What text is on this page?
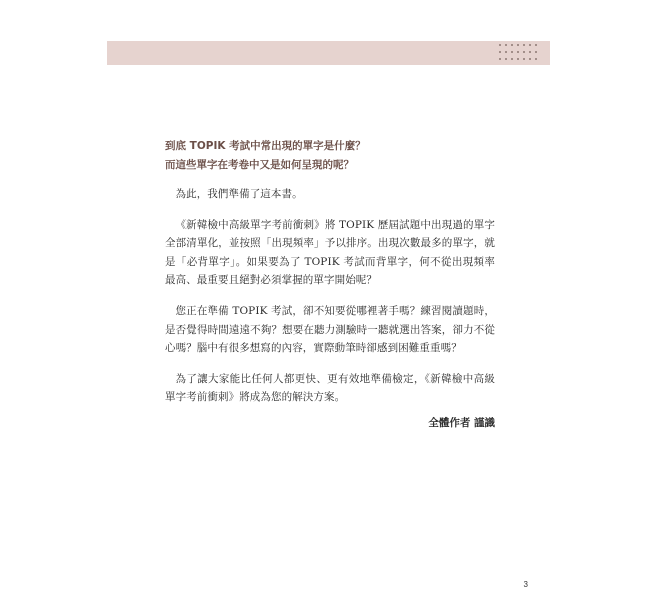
到底 TOPIK 考試中常出現的單字是什麼？

而這些單字在考卷中又是如何呈現的呢？

為此，我們準備了這本書。

《新韓檢中高級單字考前衝刺》將 TOPIK 歷屆試題中出現過的單字全部清單化，並按照「出現頻率」予以排序。出現次數最多的單字，就是「必背單字」。如果要為了 TOPIK 考試而背單字，何不從出現頻率最高、最重要且絕對必須掌握的單字開始呢？

您正在準備 TOPIK 考試，卻不知要從哪裡著手嗎？練習閱讀題時，是否覺得時間遠遠不夠？想要在聽力測驗時一聽就選出答案，卻力不從心嗎？腦中有很多想寫的內容，實際動筆時卻感到困難重重嗎？

為了讓大家能比任何人都更快、更有效地準備檢定，《新韓檢中高級單字考前衝刺》將成為您的解決方案。

全體作者 謹識

3
